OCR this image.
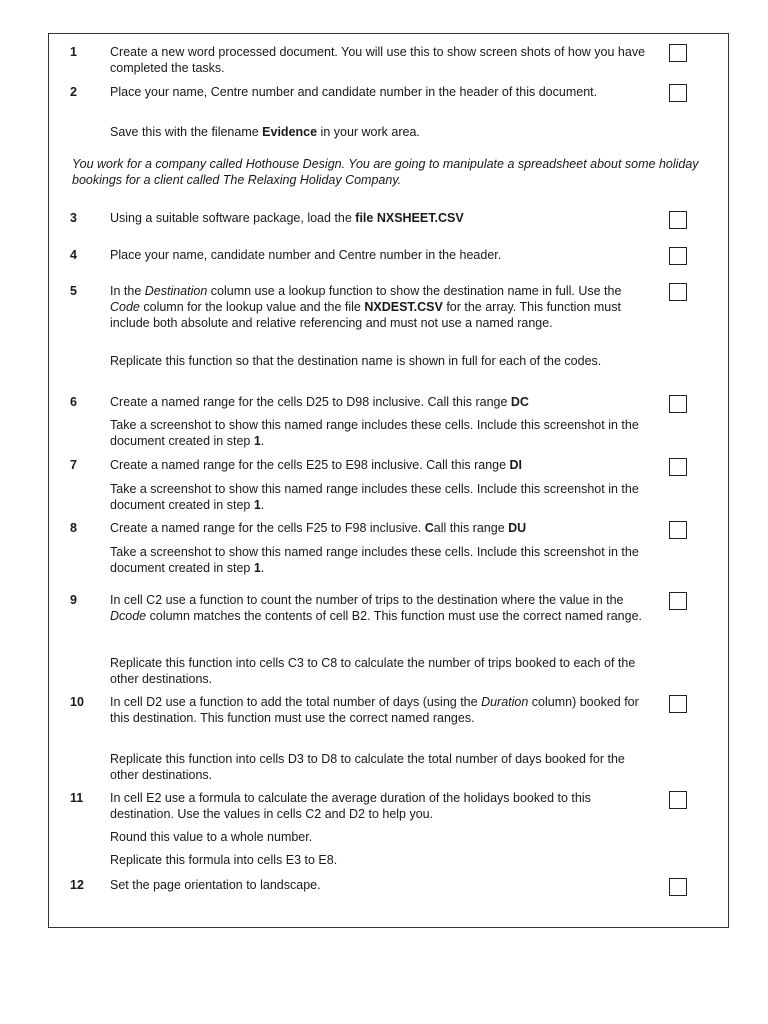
You work for a company called Hothouse Design. You are going to manipulate a spreadsheet about some holiday bookings for a client called The Relaxing Holiday Company.
1	Create a new word processed document. You will use this to show screen shots of how you have completed the tasks.
2	Place your name, Centre number and candidate number in the header of this document.
Save this with the filename Evidence in your work area.
3	Using a suitable software package, load the file NXSHEET.CSV
4	Place your name, candidate number and Centre number in the header.
5	In the Destination column use a lookup function to show the destination name in full. Use the Code column for the lookup value and the file NXDEST.CSV for the array. This function must include both absolute and relative referencing and must not use a named range.
Replicate this function so that the destination name is shown in full for each of the codes.
6	Create a named range for the cells D25 to D98 inclusive. Call this range DC
Take a screenshot to show this named range includes these cells. Include this screenshot in the document created in step 1.
7	Create a named range for the cells E25 to E98 inclusive. Call this range DI
Take a screenshot to show this named range includes these cells. Include this screenshot in the document created in step 1.
8	Create a named range for the cells F25 to F98 inclusive. Call this range DU
Take a screenshot to show this named range includes these cells. Include this screenshot in the document created in step 1.
9	In cell C2 use a function to count the number of trips to the destination where the value in the Dcode column matches the contents of cell B2. This function must use the correct named range.
Replicate this function into cells C3 to C8 to calculate the number of trips booked to each of the other destinations.
10	In cell D2 use a function to add the total number of days (using the Duration column) booked for this destination. This function must use the correct named ranges.
Replicate this function into cells D3 to D8 to calculate the total number of days booked for the other destinations.
11	In cell E2 use a formula to calculate the average duration of the holidays booked to this destination. Use the values in cells C2 and D2 to help you.
Round this value to a whole number.
Replicate this formula into cells E3 to E8.
12	Set the page orientation to landscape.
